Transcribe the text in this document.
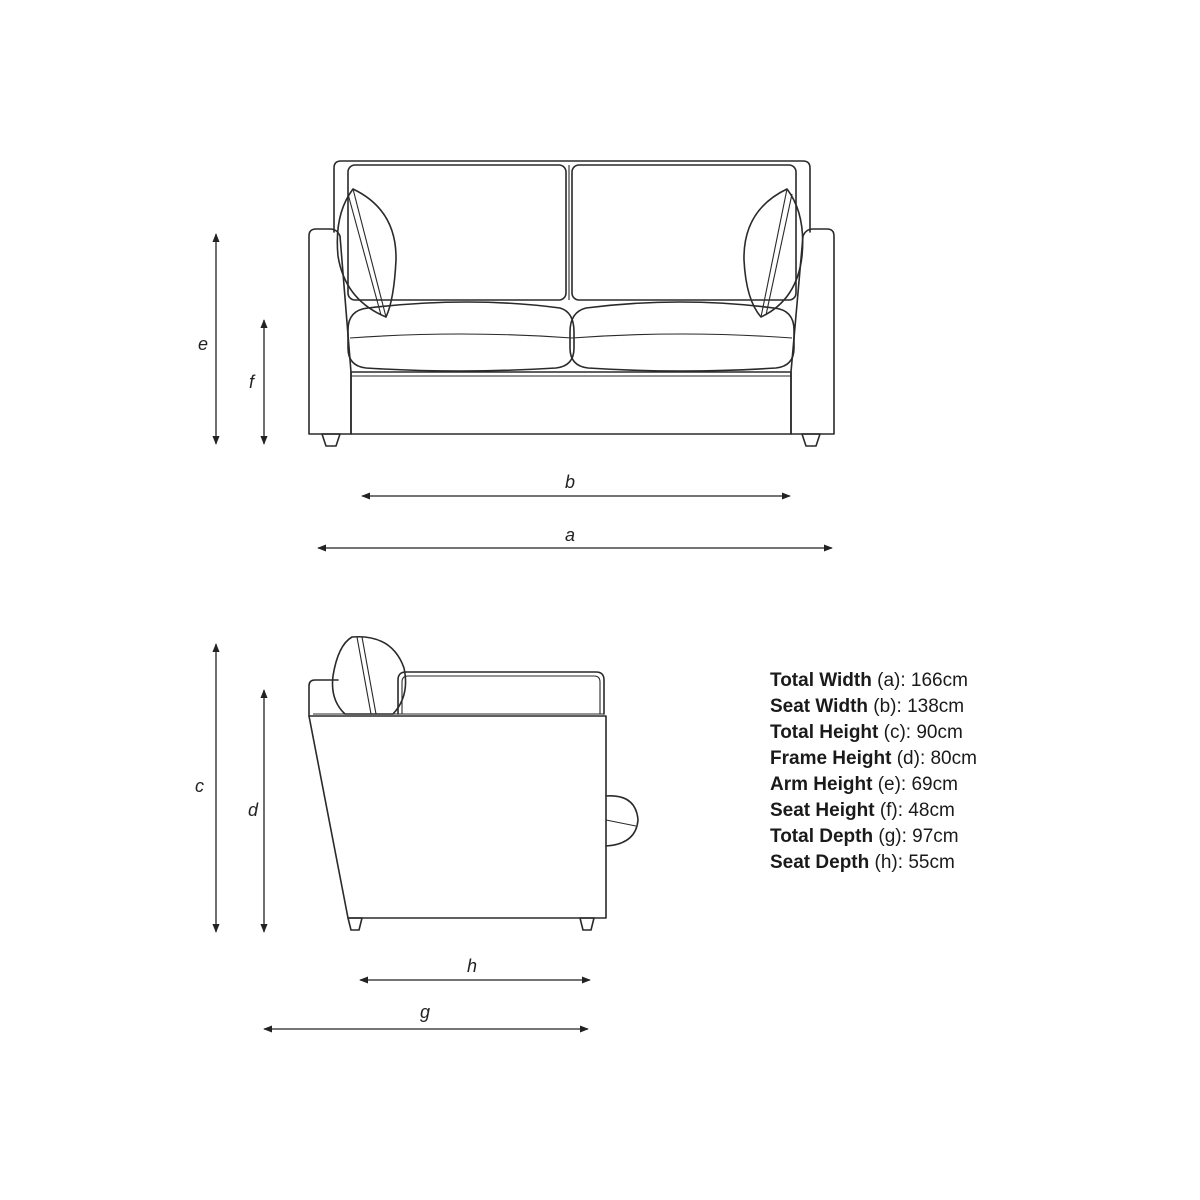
e
f
b
a
c
d
h
g
Total Width (a): 166cm
Seat Width (b): 138cm
Total Height (c): 90cm
Frame Height (d): 80cm
Arm Height (e): 69cm
Seat Height (f): 48cm
Total Depth (g): 97cm
Seat Depth (h): 55cm
